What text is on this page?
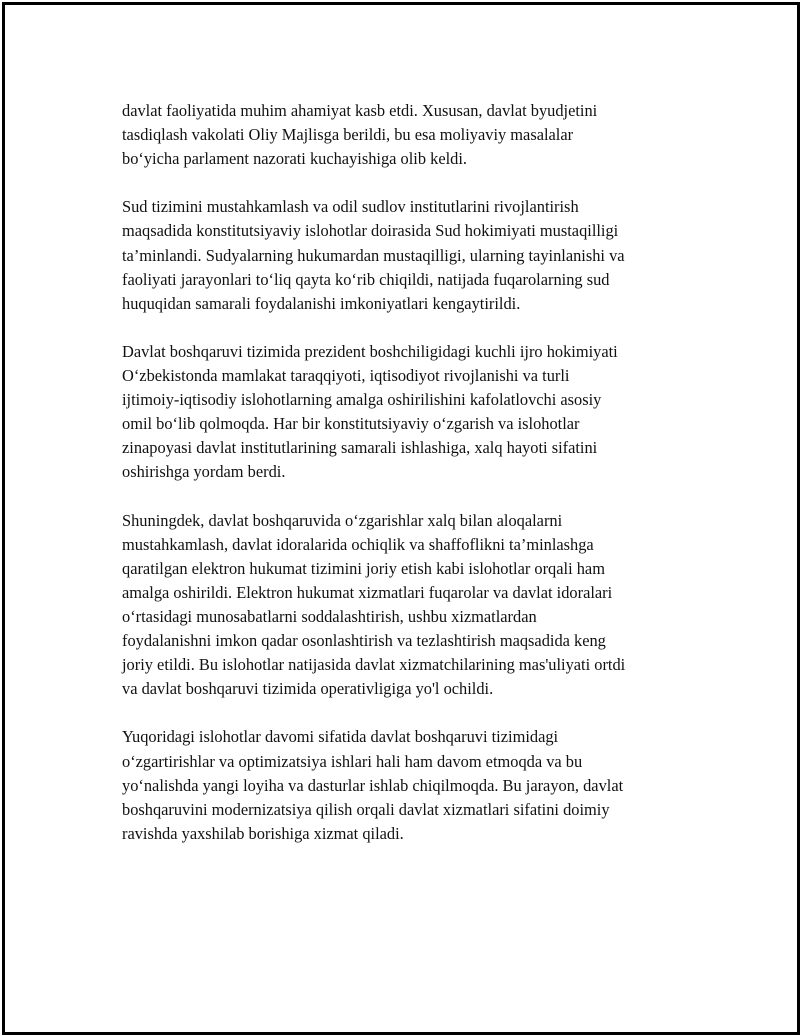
davlat faoliyatida muhim ahamiyat kasb etdi. Xususan, davlat byudjetini
tasdiqlash vakolati Oliy Majlisga berildi, bu esa moliyaviy masalalar
bo‘yicha parlament nazorati kuchayishiga olib keldi.

Sud tizimini mustahkamlash va odil sudlov institutlarini rivojlantirish
maqsadida konstitutsiyaviy islohotlar doirasida Sud hokimiyati mustaqilligi
ta’minlandi. Sudyalarning hukumardan mustaqilligi, ularning tayinlanishi va
faoliyati jarayonlari to‘liq qayta ko‘rib chiqildi, natijada fuqarolarning sud
huquqidan samarali foydalanishi imkoniyatlari kengaytirildi.

Davlat boshqaruvi tizimida prezident boshchiligidagi kuchli ijro hokimiyati
O‘zbekistonda mamlakat taraqqiyoti, iqtisodiyot rivojlanishi va turli
ijtimoiy-iqtisodiy islohotlarning amalga oshirilishini kafolatlovchi asosiy
omil bo‘lib qolmoqda. Har bir konstitutsiyaviy o‘zgarish va islohotlar
zinapoyasi davlat institutlarining samarali ishlashiga, xalq hayoti sifatini
oshirishga yordam berdi.

Shuningdek, davlat boshqaruvida o‘zgarishlar xalq bilan aloqalarni
mustahkamlash, davlat idoralarida ochiqlik va shaffoflikni ta’minlashga
qaratilgan elektron hukumat tizimini joriy etish kabi islohotlar orqali ham
amalga oshirildi. Elektron hukumat xizmatlari fuqarolar va davlat idoralari
o‘rtasidagi munosabatlarni soddalashtirish, ushbu xizmatlardan
foydalanishni imkon qadar osonlashtirish va tezlashtirish maqsadida keng
joriy etildi. Bu islohotlar natijasida davlat xizmatchilarining mas'uliyati ortdi
va davlat boshqaruvi tizimida operativligiga yo'l ochildi.

Yuqoridagi islohotlar davomi sifatida davlat boshqaruvi tizimidagi
o‘zgartirishlar va optimizatsiya ishlari hali ham davom etmoqda va bu
yo‘nalishda yangi loyiha va dasturlar ishlab chiqilmoqda. Bu jarayon, davlat
boshqaruvini modernizatsiya qilish orqali davlat xizmatlari sifatini doimiy
ravishda yaxshilab borishiga xizmat qiladi.
